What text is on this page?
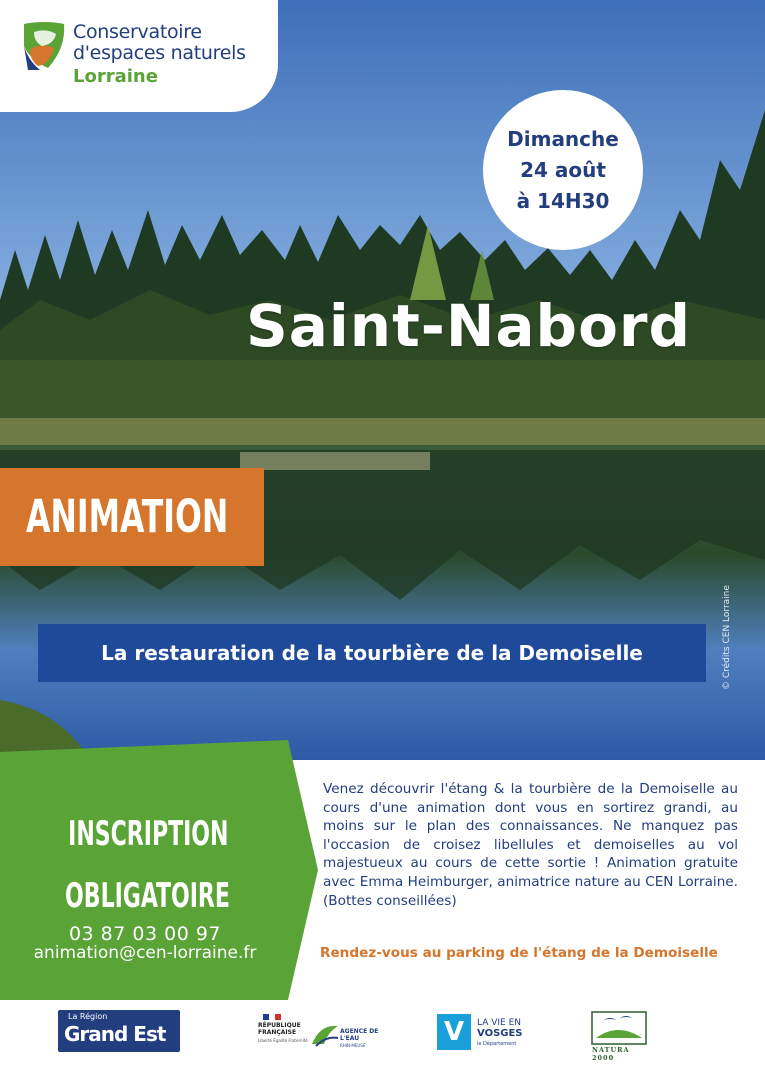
Conservatoire
d'espaces naturels
Lorraine
Dimanche
24 août
à 14H30
Saint-Nabord
ANIMATION
La restauration de la tourbière de la Demoiselle	© Crédits CEN Lorraine
INSCRIPTION
OBLIGATOIRE
03 87 03 00 97
animation@cen-lorraine.fr
Venez découvrir l'étang & la tourbière de la Demoiselle au cours d'une animation dont vous en sortirez grandi, au moins sur le plan des connaissances. Ne manquez pas l'occasion de croisez libellules et demoiselles au vol majestueux au cours de cette sortie ! Animation gratuite avec Emma Heimburger, animatrice nature au CEN Lorraine. (Bottes conseillées)
Rendez-vous au parking de l'étang de la Demoiselle
La Région
Grand Est	RÉPUBLIQUE FRANÇAISE
Liberté Égalité Fraternité
AGENCE DE L'EAU
RHIN-MEUSE	V	LA VIE EN
VOSGES
le Département
NATURA 2000
